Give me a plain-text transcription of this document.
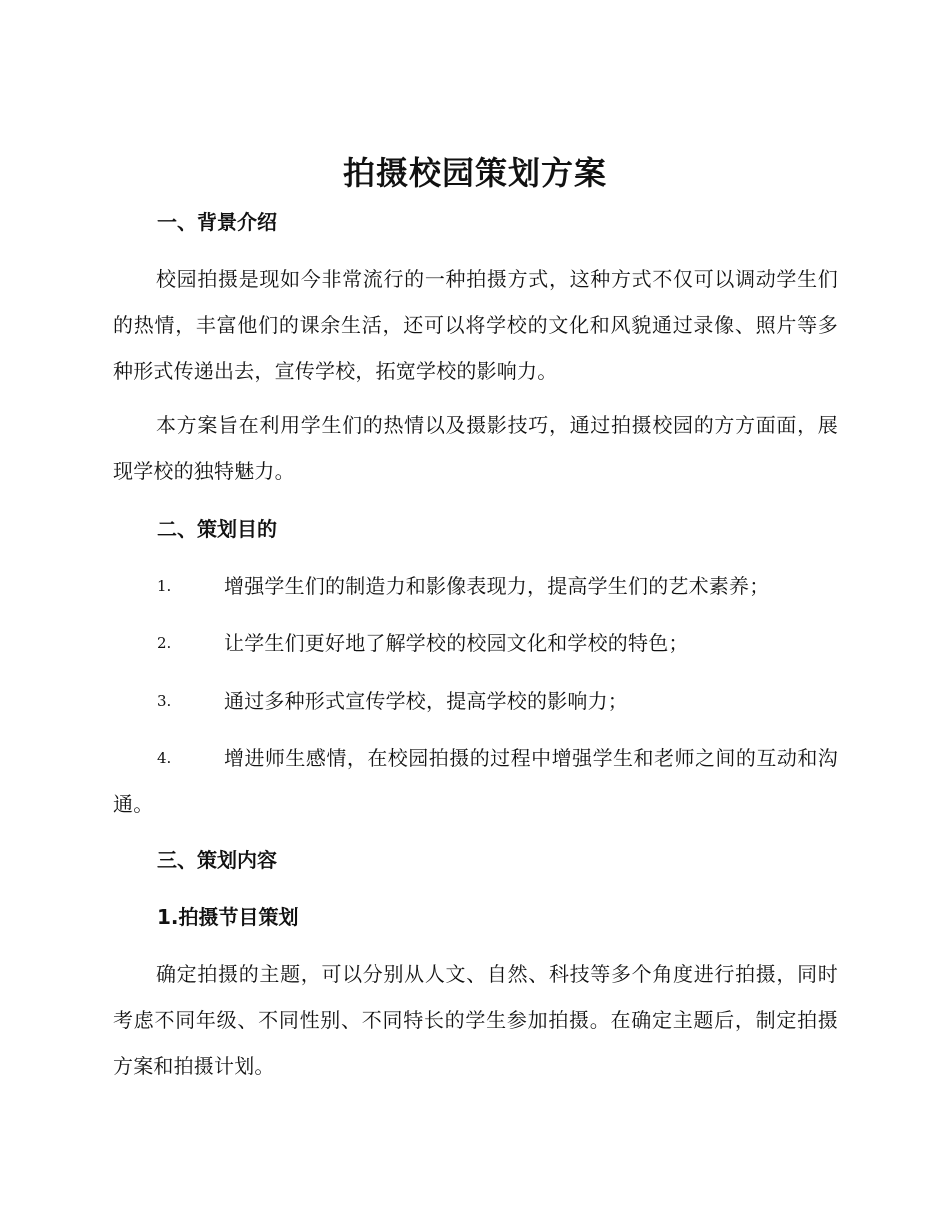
拍摄校园策划方案
一、背景介绍
校园拍摄是现如今非常流行的一种拍摄方式，这种方式不仅可以调动学生们的热情，丰富他们的课余生活，还可以将学校的文化和风貌通过录像、照片等多种形式传递出去，宣传学校，拓宽学校的影响力。
本方案旨在利用学生们的热情以及摄影技巧，通过拍摄校园的方方面面，展现学校的独特魅力。
二、策划目的
1.	增强学生们的制造力和影像表现力，提高学生们的艺术素养；
2.	让学生们更好地了解学校的校园文化和学校的特色；
3.	通过多种形式宣传学校，提高学校的影响力；
4.	增进师生感情，在校园拍摄的过程中增强学生和老师之间的互动和沟通。
三、策划内容
1.拍摄节目策划
确定拍摄的主题，可以分别从人文、自然、科技等多个角度进行拍摄，同时考虑不同年级、不同性别、不同特长的学生参加拍摄。在确定主题后，制定拍摄方案和拍摄计划。
